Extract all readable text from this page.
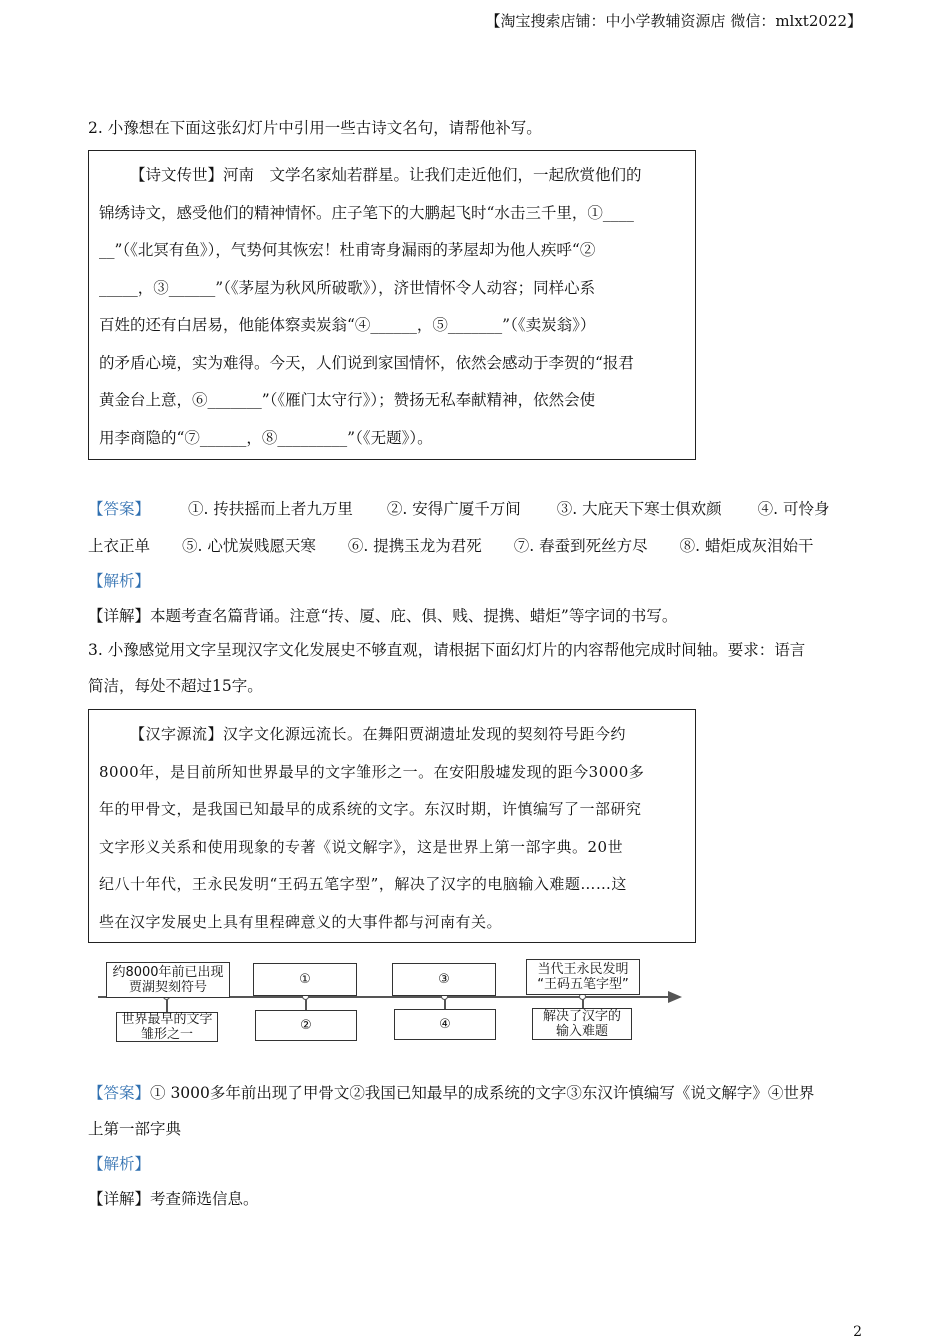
【淘宝搜索店铺：中小学教辅资源店 微信：mlxt2022】
2. 小豫想在下面这张幻灯片中引用一些古诗文名句，请帮他补写。
【诗文传世】河南　文学名家灿若群星。让我们走近他们，一起欣赏他们的
锦绣诗文，感受他们的精神情怀。庄子笔下的大鹏起飞时“水击三千里，①____
__”（《北冥有鱼》），气势何其恢宏！杜甫寄身漏雨的茅屋却为他人疾呼“②
_____，③______”（《茅屋为秋风所破歌》），济世情怀令人动容；同样心系
百姓的还有白居易，他能体察卖炭翁“④______，⑤_______”（《卖炭翁》）
的矛盾心境，实为难得。今天，人们说到家国情怀，依然会感动于李贺的“报君
黄金台上意，⑥_______”（《雁门太守行》）；赞扬无私奉献精神，依然会使
用李商隐的“⑦______，⑧_________”（《无题》）。
【答案】 ①. 抟扶摇而上者九万里 ②. 安得广厦千万间 ③. 大庇天下寒士俱欢颜 ④. 可怜身
上衣正单 ⑤. 心忧炭贱愿天寒 ⑥. 提携玉龙为君死 ⑦. 春蚕到死丝方尽 ⑧. 蜡炬成灰泪始干
【解析】
【详解】本题考查名篇背诵。注意“抟、厦、庇、俱、贱、提携、蜡炬”等字词的书写。
3. 小豫感觉用文字呈现汉字文化发展史不够直观，请根据下面幻灯片的内容帮他完成时间轴。要求：语言
简洁，每处不超过15字。
【汉字源流】汉字文化源远流长。在舞阳贾湖遗址发现的契刻符号距今约
8000年，是目前所知世界最早的文字雏形之一。在安阳殷墟发现的距今3000多
年的甲骨文，是我国已知最早的成系统的文字。东汉时期，许慎编写了一部研究
文字形义关系和使用现象的专著《说文解字》，这是世界上第一部字典。20世
纪八十年代，王永民发明“王码五笔字型”，解决了汉字的电脑输入难题……这
些在汉字发展史上具有里程碑意义的大事件都与河南有关。
约8000年前已出现
贾湖契刻符号
①	③
当代王永民发明
“王码五笔字型”
世界最早的文字
雏形之一
②	④
解决了汉字的
输入难题
【答案】① 3000多年前出现了甲骨文②我国已知最早的成系统的文字③东汉许慎编写《说文解字》④世界
上第一部字典
【解析】
【详解】考查筛选信息。
2
